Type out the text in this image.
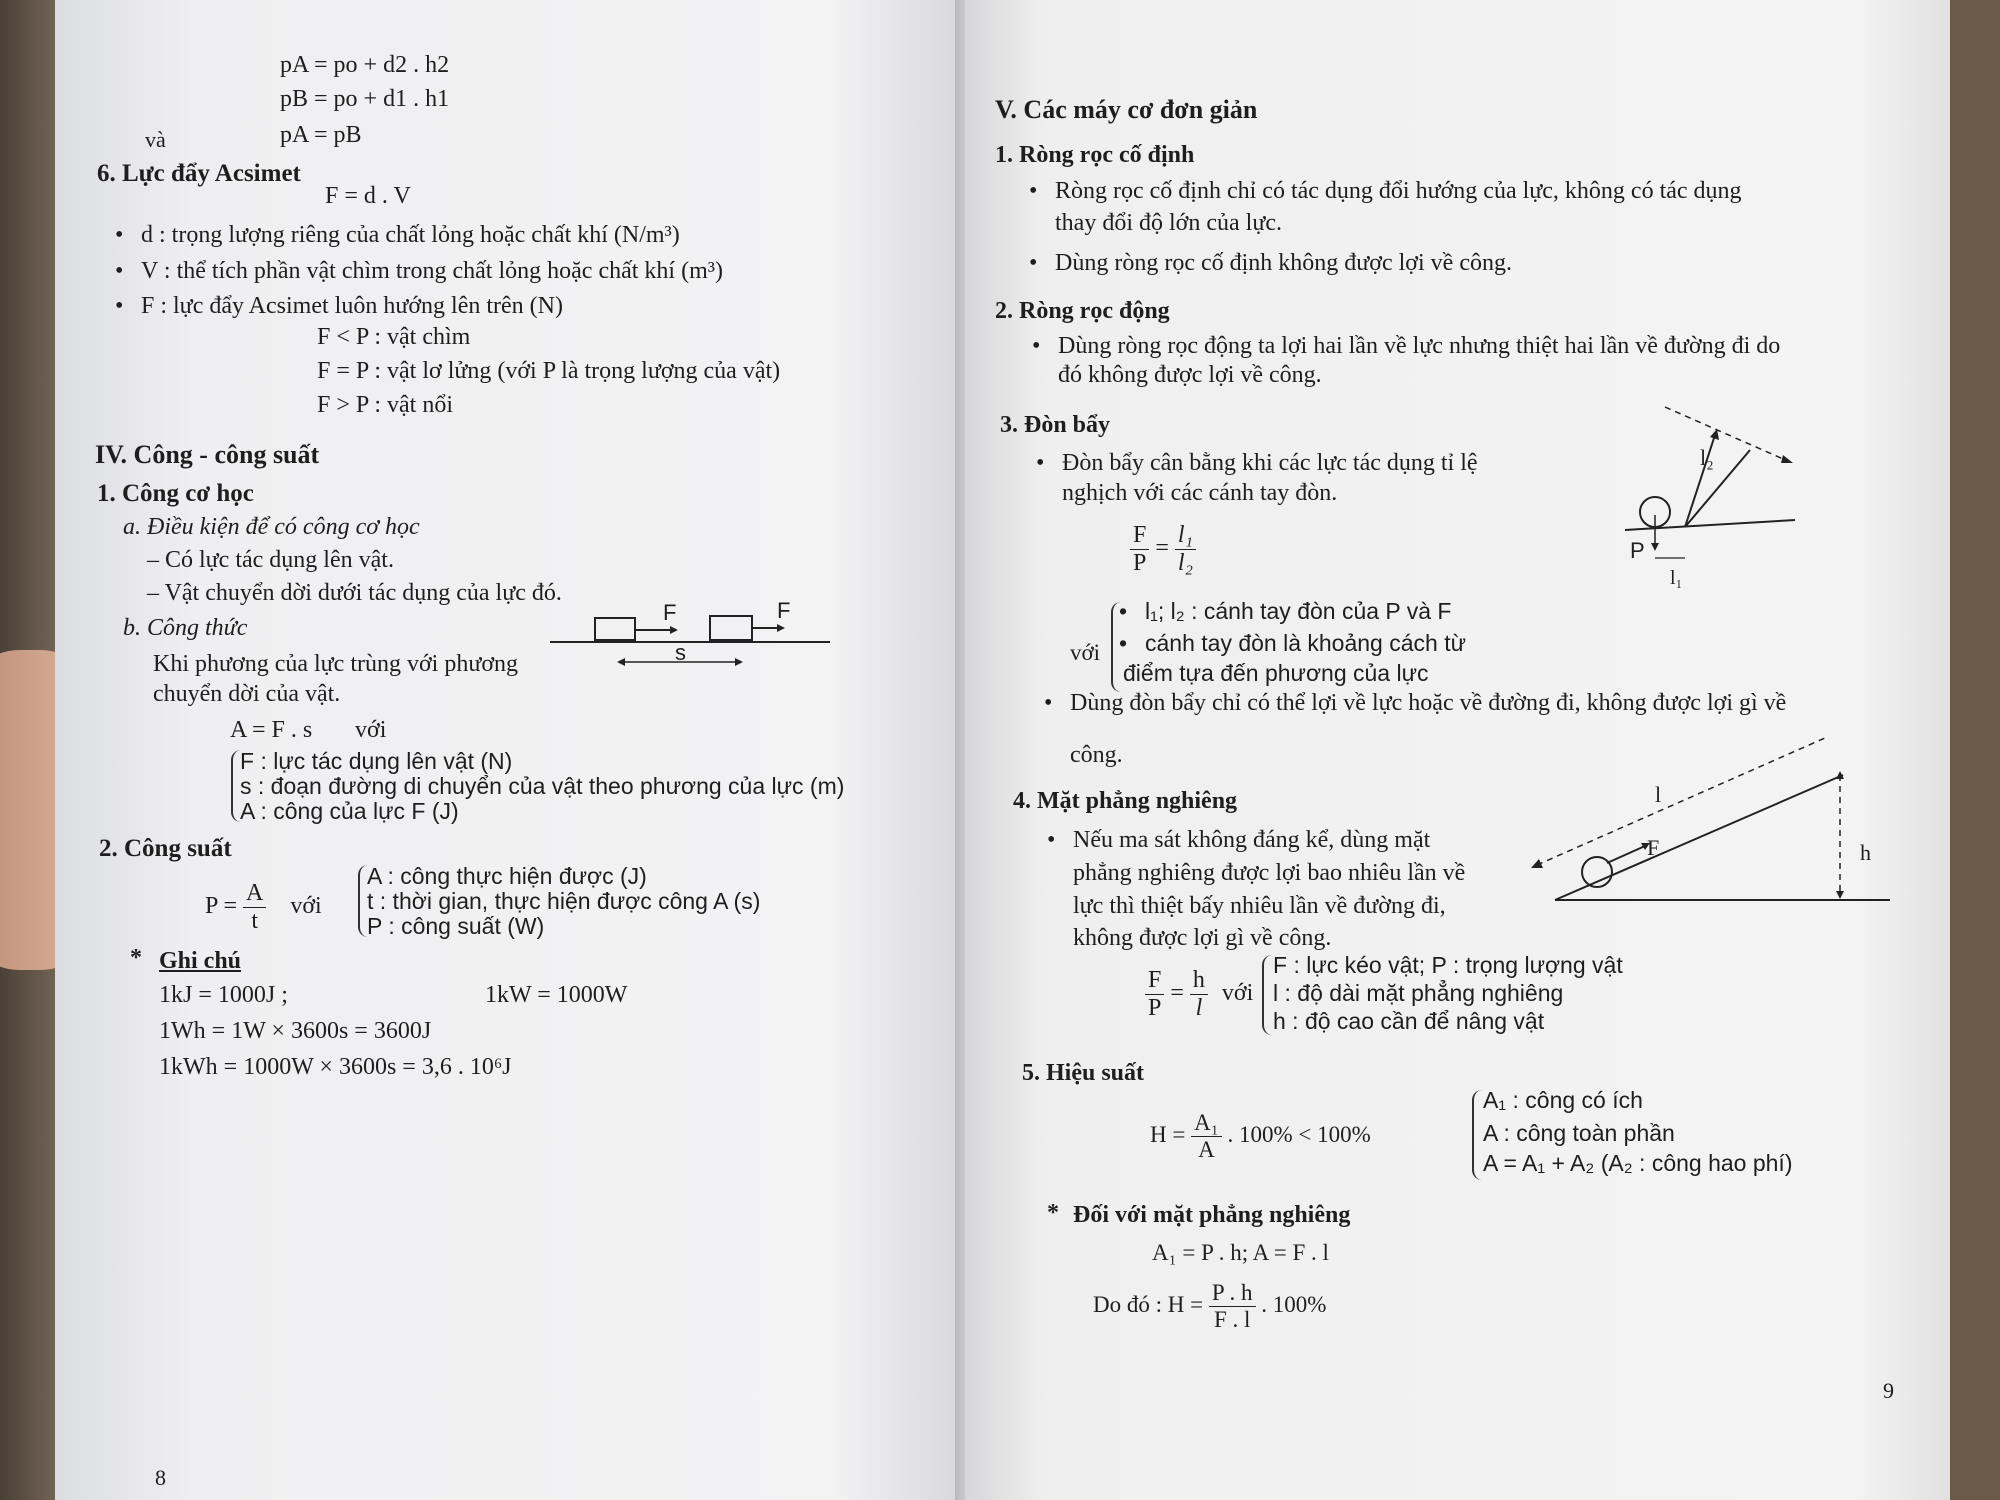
pA = po + d2 . h2
pB = po + d1 . h1
và	pA = pB
6. Lực đẩy Acsimet
F = d . V
• d : trọng lượng riêng của chất lỏng hoặc chất khí (N/m³)
• V : thể tích phần vật chìm trong chất lỏng hoặc chất khí (m³)
• F : lực đẩy Acsimet luôn hướng lên trên (N)
F < P : vật chìm
F = P : vật lơ lửng (với P là trọng lượng của vật)
F > P : vật nổi
IV. Công - công suất
1. Công cơ học
a. Điều kiện để có công cơ học
– Có lực tác dụng lên vật.
– Vật chuyển dời dưới tác dụng của lực đó.
b. Công thức
F	F
s
Khi phương của lực trùng với phương
chuyển dời của vật.
A = F . s với
F : lực tác dụng lên vật (N)
s : đoạn đường di chuyển của vật theo phương của lực (m)
A : công của lực F (J)
2. Công suất
$P = \frac{A}{t}$ với
A : công thực hiện được (J)
t : thời gian, thực hiện được công A (s)
P : công suất (W)
* Ghi chú
1kJ = 1000J ;	1kW = 1000W
1Wh = 1W × 3600s = 3600J
1kWh = 1000W × 3600s = 3,6 . 10⁶J
8
V. Các máy cơ đơn giản
1. Ròng rọc cố định
• Ròng rọc cố định chỉ có tác dụng đổi hướng của lực, không có tác dụng
thay đổi độ lớn của lực.
• Dùng ròng rọc cố định không được lợi về công.
2. Ròng rọc động
• Dùng ròng rọc động ta lợi hai lần về lực nhưng thiệt hai lần về đường đi do
đó không được lợi về công.
3. Đòn bẩy
• Đòn bẩy cân bằng khi các lực tác dụng tỉ lệ
nghịch với các cánh tay đòn.
$\frac{F}{P} = \frac{\text{l₁}}{\text{l₂}}$
với
• l₁; l₂ : cánh tay đòn của P và F
• cánh tay đòn là khoảng cách từ
điểm tựa đến phương của lực
l₂
P
l₁
• Dùng đòn bẩy chỉ có thể lợi về lực hoặc về đường đi, không được lợi gì về
công.
4. Mặt phẳng nghiêng
• Nếu ma sát không đáng kể, dùng mặt
phẳng nghiêng được lợi bao nhiêu lần về
lực thì thiệt bấy nhiêu lần về đường đi,
không được lợi gì về công.
l
F	h
$\frac{F}{P} = \frac{h}{l}$ với
F : lực kéo vật; P : trọng lượng vật
l : độ dài mặt phẳng nghiêng
h : độ cao cần để nâng vật
5. Hiệu suất
$H = \frac{\text{A₁}}{A}$ . 100% < 100%
A₁ : công có ích
A : công toàn phần
A = A₁ + A₂ (A₂ : công hao phí)
* Đối với mặt phẳng nghiêng
A₁ = P . h; A = F . l
Do đó : $H = \frac{P . h}{F . l}$ . 100%
9
